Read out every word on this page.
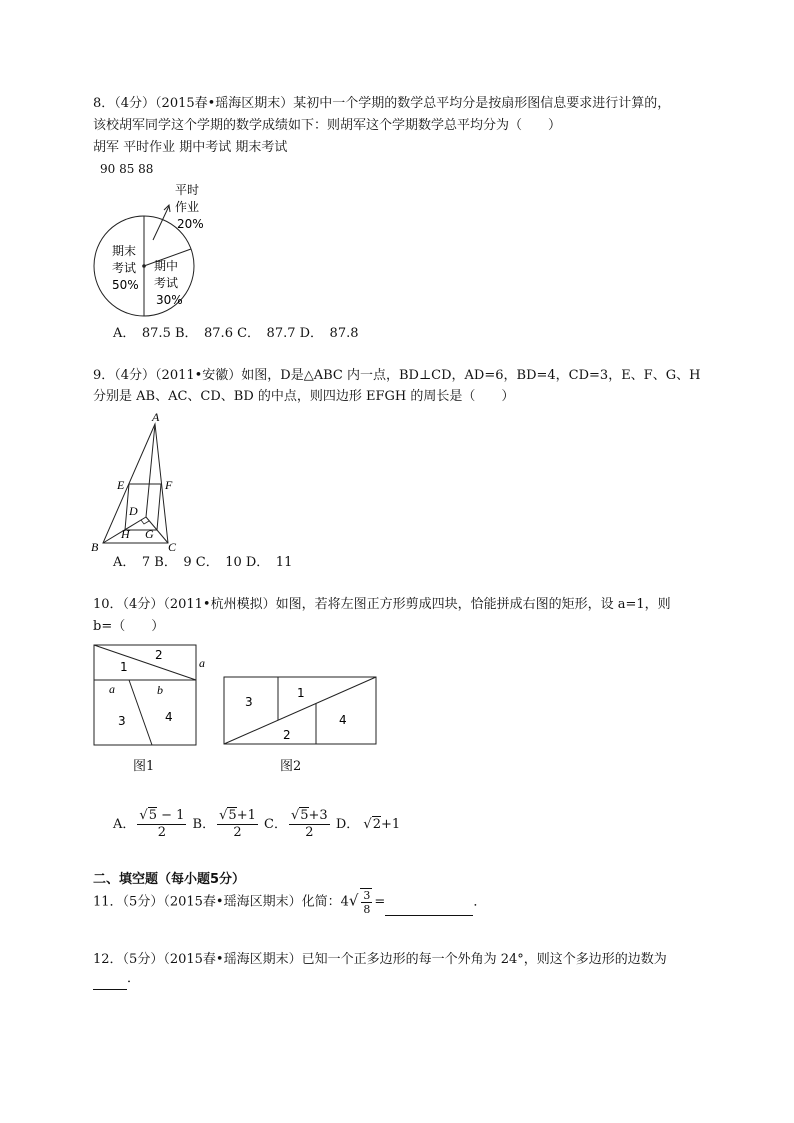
8．（4分）（2015春•瑶海区期末）某初中一个学期的数学总平均分是按扇形图信息要求进行计算的，
该校胡军同学这个学期的数学成绩如下：则胡军这个学期数学总平均分为（　　）
胡军 平时作业 期中考试 期末考试
90 85 88
平时
作业
20%
期末
考试
50%
期中
考试
30%
A．　87.5 B．　87.6 C．　87.7 D．　87.8
9．（4分）（2011•安徽）如图，D是△ABC 内一点，BD⊥CD，AD=6，BD=4，CD=3，E、F、G、H
分别是 AB、AC、CD、BD 的中点，则四边形 EFGH 的周长是（　　）
A
B	C
D
E	F
G
H
A．　7 B．　9 C．　10 D．　11
10．（4分）（2011•杭州模拟）如图，若将左图正方形剪成四块，恰能拼成右图的矩形，设 a=1，则
b=（　　）
2
1	a
a	b
3	4
3
1
4
2
图1	图2
A． $\frac{√5 - 1}{2}$ B． $\frac{√5+1}{2}$ C． $\frac{√5+3}{2}$ D． √2+1
二、填空题（每小题5分）
11．（5分）（2015春•瑶海区期末）化简：$4√ \frac{3}{8}$ =	．
12．（5分）（2015春•瑶海区期末）已知一个正多边形的每一个外角为 24°，则这个多边形的边数为
．
